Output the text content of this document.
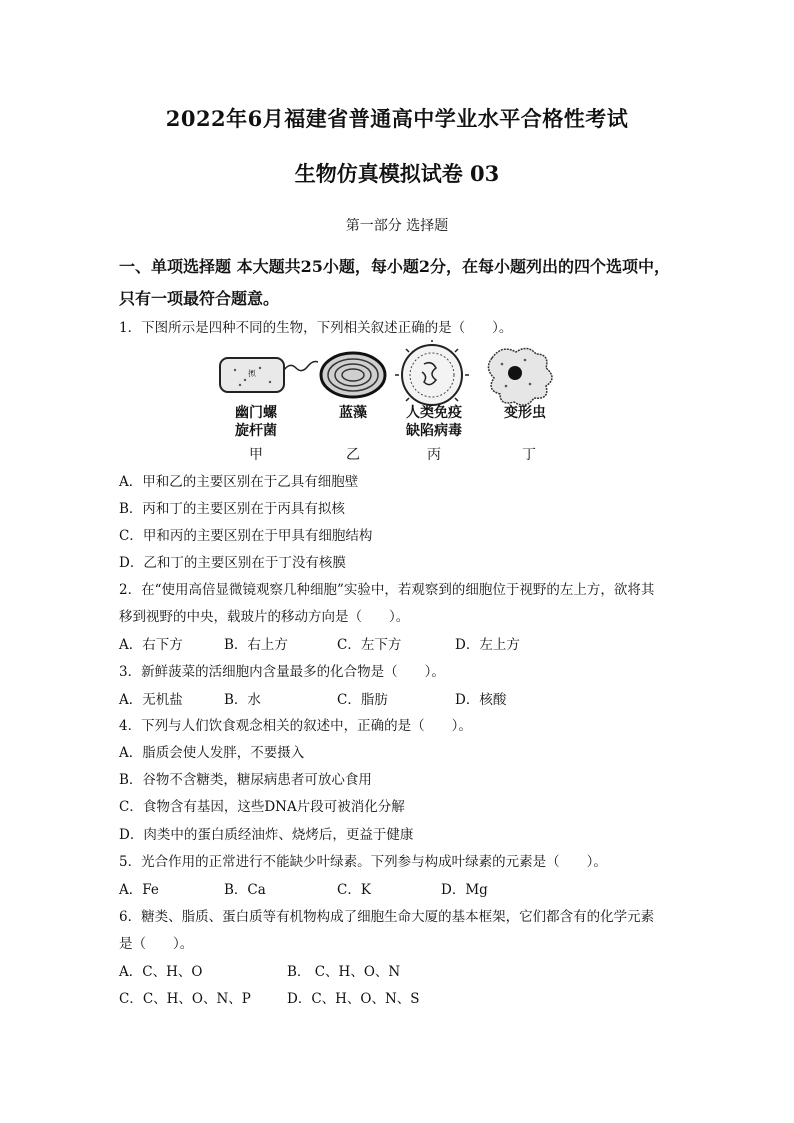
2022年6月福建省普通高中学业水平合格性考试
生物仿真模拟试卷 03
第一部分 选择题
一、单项选择题 本大题共25小题，每小题2分，在每小题列出的四个选项中，
只有一项最符合题意。
1．下图所示是四种不同的生物，下列相关叙述正确的是（　　）。
拟
幽门螺
旋杆菌
蓝藻	人类免疫
缺陷病毒
变形虫
甲	乙	丙	丁
A．甲和乙的主要区别在于乙具有细胞壁
B．丙和丁的主要区别在于丙具有拟核
C．甲和丙的主要区别在于甲具有细胞结构
D．乙和丁的主要区别在于丁没有核膜
2．在“使用高倍显微镜观察几种细胞”实验中，若观察到的细胞位于视野的左上方，欲将其
移到视野的中央，载玻片的移动方向是（　　）。
A．右下方	B．右上方	C．左下方	D．左上方
3．新鲜菠菜的活细胞内含量最多的化合物是（　　）。
A．无机盐	B．水	C．脂肪	D．核酸
4．下列与人们饮食观念相关的叙述中，正确的是（　　）。
A．脂质会使人发胖，不要摄入
B．谷物不含糖类，糖尿病患者可放心食用
C．食物含有基因，这些DNA片段可被消化分解
D．肉类中的蛋白质经油炸、烧烤后，更益于健康
5．光合作用的正常进行不能缺少叶绿素。下列参与构成叶绿素的元素是（　　）。
A．Fe	B．Ca	C．K	D．Mg
6．糖类、脂质、蛋白质等有机物构成了细胞生命大厦的基本框架，它们都含有的化学元素
是（　　）。
A．C、H、O	B． C、H、O、N
C．C、H、O、N、P	D．C、H、O、N、S
